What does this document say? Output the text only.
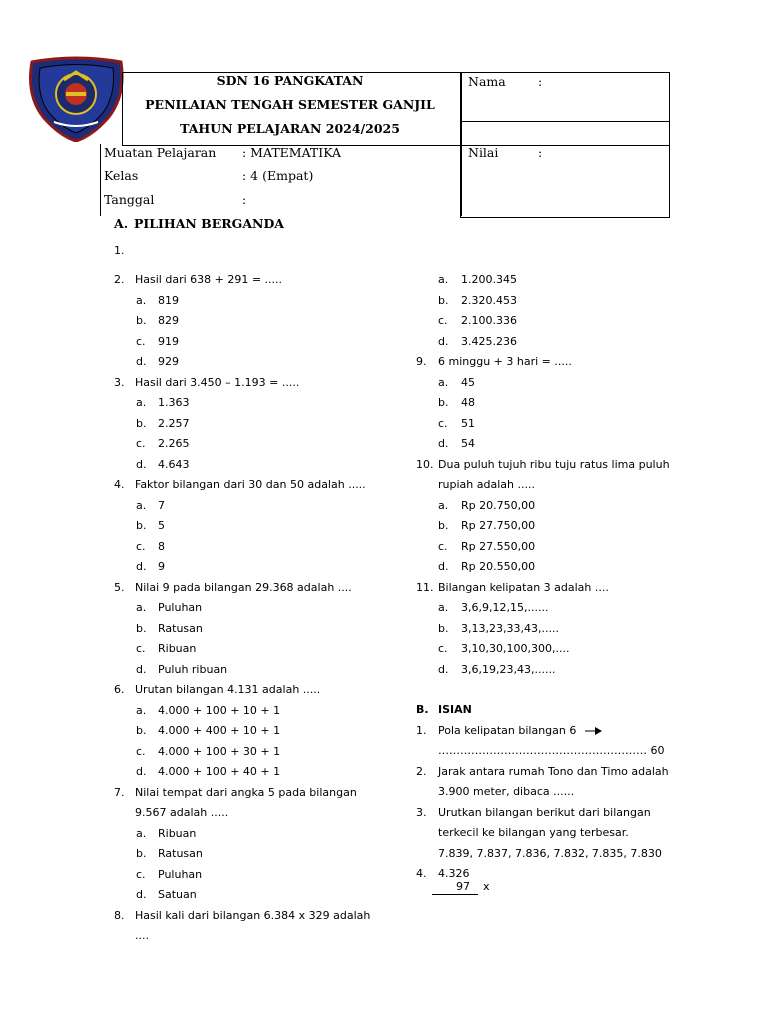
SDN 16 PANGKATAN
PENILAIAN TENGAH SEMESTER GANJIL
TAHUN PELAJARAN 2024/2025
Nama	:
Nilai	:
Muatan Pelajaran : MATEMATIKA
Kelas	: 4 (Empat)
Tanggal	:
A. PILIHAN BERGANDA
1.
2. Hasil dari 638 + 291 = .....
a. 819
b. 829
c. 919
d. 929
3. Hasil dari 3.450 – 1.193 = .....
a. 1.363
b. 2.257
c. 2.265
d. 4.643
4. Faktor bilangan dari 30 dan 50 adalah .....
a. 7
b. 5
c. 8
d. 9
5. Nilai 9 pada bilangan 29.368 adalah ....
a. Puluhan
b. Ratusan
c. Ribuan
d. Puluh ribuan
6. Urutan bilangan 4.131 adalah .....
a. 4.000 + 100 + 10 + 1
b. 4.000 + 400 + 10 + 1
c. 4.000 + 100 + 30 + 1
d. 4.000 + 100 + 40 + 1
7. Nilai tempat dari angka 5 pada bilangan
9.567 adalah .....
a. Ribuan
b. Ratusan
c. Puluhan
d. Satuan
8. Hasil kali dari bilangan 6.384 x 329 adalah
....
a. 1.200.345
b. 2.320.453
c. 2.100.336
d. 3.425.236
9. 6 minggu + 3 hari = .....
a. 45
b. 48
c. 51
d. 54
10. Dua puluh tujuh ribu tuju ratus lima puluh
rupiah adalah .....
a. Rp 20.750,00
b. Rp 27.750,00
c. Rp 27.550,00
d. Rp 20.550,00
11. Bilangan kelipatan 3 adalah ....
a. 3,6,9,12,15,......
b. 3,13,23,33,43,.....
c. 3,10,30,100,300,....
d. 3,6,19,23,43,......
B. ISIAN
1. Pola kelipatan bilangan 6
………………………………………………… 60
2. Jarak antara rumah Tono dan Timo adalah
3.900 meter, dibaca ......
3. Urutkan bilangan berikut dari bilangan
terkecil ke bilangan yang terbesar.
7.839, 7.837, 7.836, 7.832, 7.835, 7.830
4. 4.326
97 x
